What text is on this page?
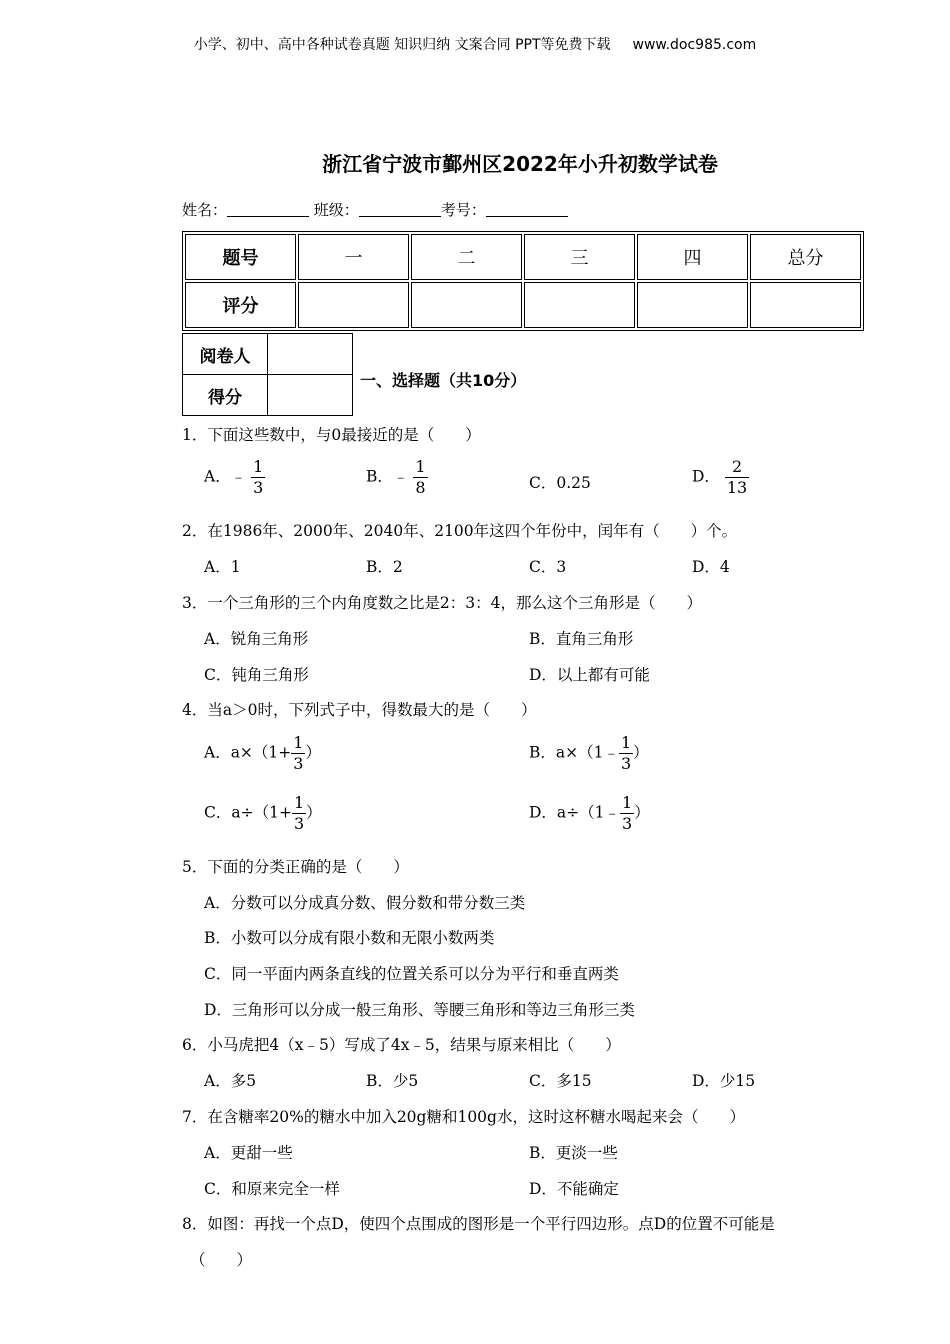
小学、初中、高中各种试卷真题 知识归纳 文案合同 PPT等免费下载 www.doc985.com
浙江省宁波市鄞州区2022年小升初数学试卷
姓名：	班级：	考号：
题号	一	二	三	四	总分
评分					
阅卷人	
得分	
一、选择题（共10分）
1．下面这些数中，与0最接近的是（　　）
A．﹣ $\frac{1}{3}$	B．﹣ $\frac{1}{8}$	C．0.25	D． $\frac{2}{13}$
2．在1986年、2000年、2040年、2100年这四个年份中，闰年有（　　）个。
A．1	B．2	C．3	D．4
3．一个三角形的三个内角度数之比是2：3：4，那么这个三角形是（　　）
A．锐角三角形	B．直角三角形
C．钝角三角形	D．以上都有可能
4．当a＞0时，下列式子中，得数最大的是（　　）
A．$a\times(1+ \frac{1}{3}$ ）	B．a×（1﹣ $\frac{1}{3}$ ）
C．$a\div(1+ \frac{1}{3}$ ）	D．a÷（1﹣ $\frac{1}{3}$ ）
5．下面的分类正确的是（　　）
A．分数可以分成真分数、假分数和带分数三类
B．小数可以分成有限小数和无限小数两类
C．同一平面内两条直线的位置关系可以分为平行和垂直两类
D．三角形可以分成一般三角形、等腰三角形和等边三角形三类
6．小马虎把4（x﹣5）写成了4x﹣5，结果与原来相比（　　）
A．多5	B．少5	C．多15	D．少15
7．在含糖率20%的糖水中加入20g糖和100g水，这时这杯糖水喝起来会（　　）
A．更甜一些	B．更淡一些
C．和原来完全一样	D．不能确定
8．如图：再找一个点D，使四个点围成的图形是一个平行四边形。点D的位置不可能是
（　　）
